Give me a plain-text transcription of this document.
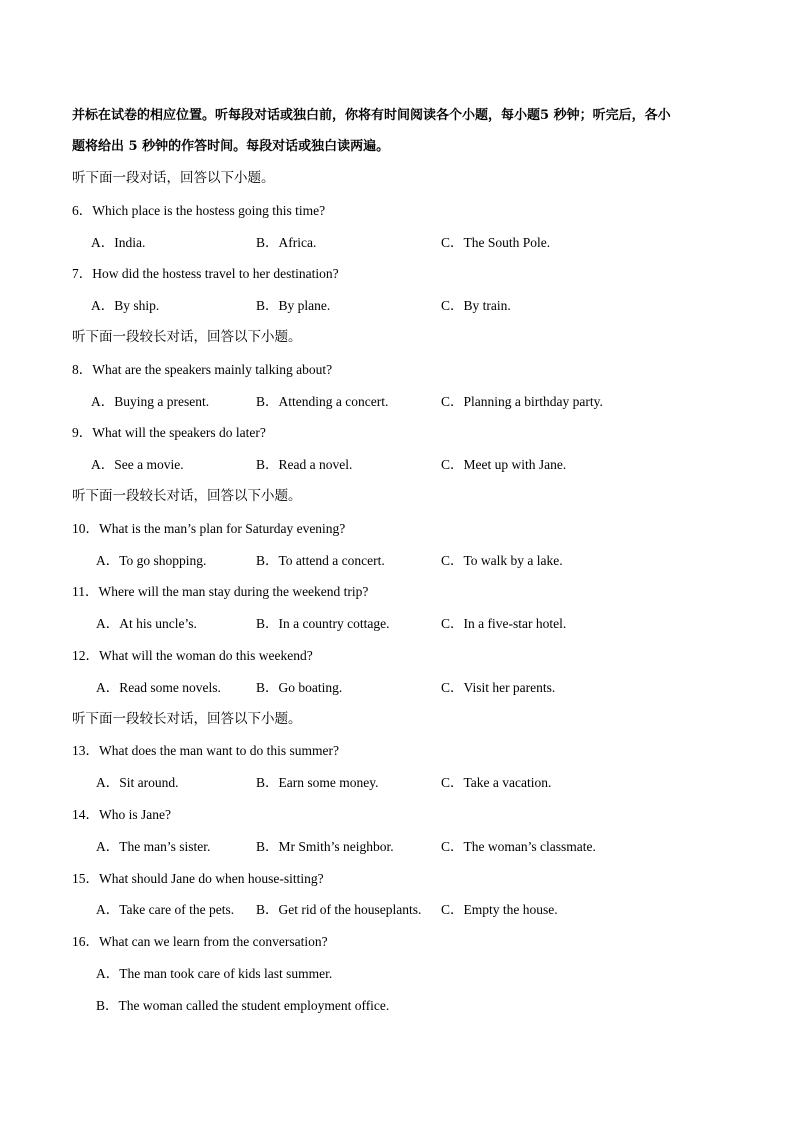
并标在试卷的相应位置。听每段对话或独白前，你将有时间阅读各个小题，每小题5 秒钟；听完后，各小
题将给出 5 秒钟的作答时间。每段对话或独白读两遍。
听下面一段对话，回答以下小题。
6．Which place is the hostess going this time?
A．India.	B．Africa.	C．The South Pole.
7．How did the hostess travel to her destination?
A．By ship.	B．By plane.	C．By train.
听下面一段较长对话，回答以下小题。
8．What are the speakers mainly talking about?
A．Buying a present.	B．Attending a concert.	C．Planning a birthday party.
9．What will the speakers do later?
A．See a movie.	B．Read a novel.	C．Meet up with Jane.
听下面一段较长对话，回答以下小题。
10．What is the man’s plan for Saturday evening?
A．To go shopping.	B．To attend a concert.	C．To walk by a lake.
11．Where will the man stay during the weekend trip?
A．At his uncle’s.	B．In a country cottage.	C．In a five-star hotel.
12．What will the woman do this weekend?
A．Read some novels.	B．Go boating.	C．Visit her parents.
听下面一段较长对话，回答以下小题。
13．What does the man want to do this summer?
A．Sit around.	B．Earn some money.	C．Take a vacation.
14．Who is Jane?
A．The man’s sister.	B．Mr Smith’s neighbor.	C．The woman’s classmate.
15．What should Jane do when house-sitting?
A．Take care of the pets. B．Get rid of the houseplants. C．Empty the house.
16．What can we learn from the conversation?
A．The man took care of kids last summer.
B．The woman called the student employment office.
